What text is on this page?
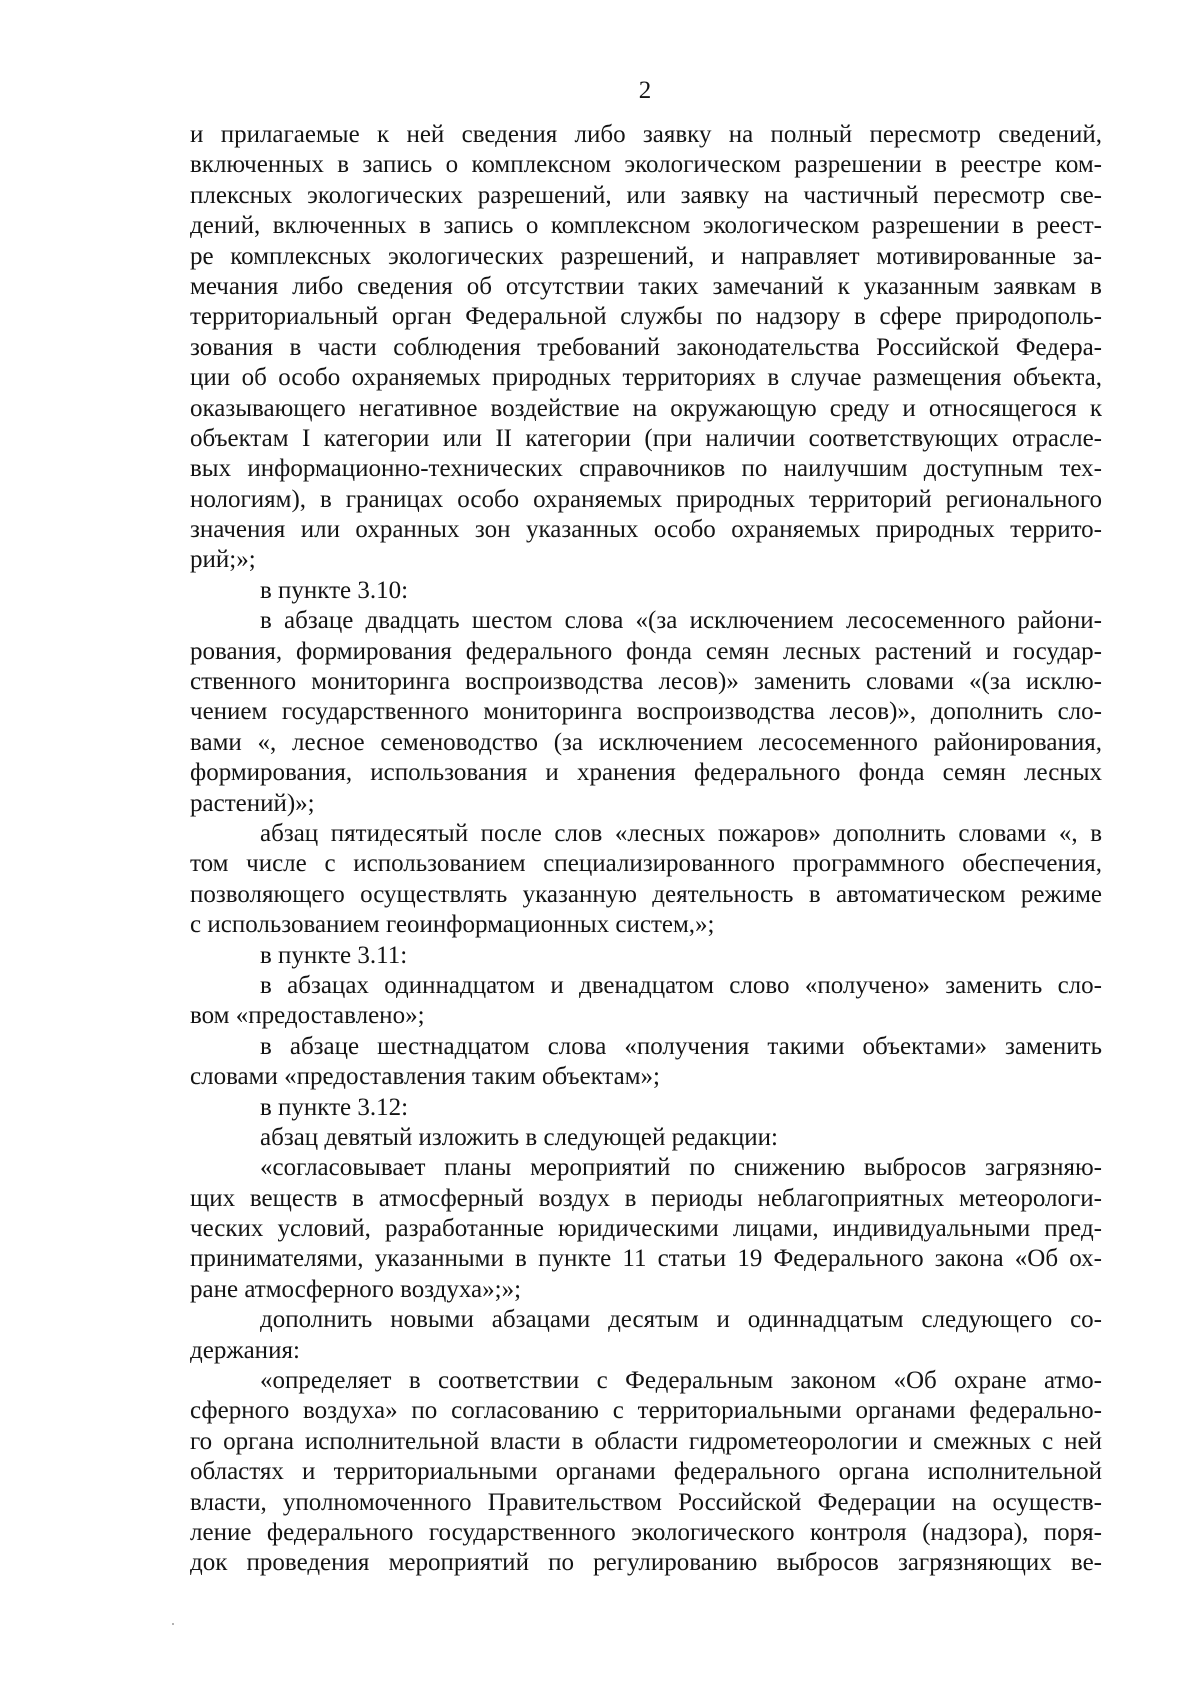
2
и прилагаемые к ней сведения либо заявку на полный пересмотр сведений,
включенных в запись о комплексном экологическом разрешении в реестре ком-
плексных экологических разрешений, или заявку на частичный пересмотр све-
дений, включенных в запись о комплексном экологическом разрешении в реест-
ре комплексных экологических разрешений, и направляет мотивированные за-
мечания либо сведения об отсутствии таких замечаний к указанным заявкам в
территориальный орган Федеральной службы по надзору в сфере природополь-
зования в части соблюдения требований законодательства Российской Федера-
ции об особо охраняемых природных территориях в случае размещения объекта,
оказывающего негативное воздействие на окружающую среду и относящегося к
объектам I категории или II категории (при наличии соответствующих отрасле-
вых информационно-технических справочников по наилучшим доступным тех-
нологиям), в границах особо охраняемых природных территорий регионального
значения или охранных зон указанных особо охраняемых природных террито-
рий;»;
в пункте 3.10:
в абзаце двадцать шестом слова «(за исключением лесосеменного райони-
рования, формирования федерального фонда семян лесных растений и государ-
ственного мониторинга воспроизводства лесов)» заменить словами «(за исклю-
чением государственного мониторинга воспроизводства лесов)», дополнить сло-
вами «, лесное семеноводство (за исключением лесосеменного районирования,
формирования, использования и хранения федерального фонда семян лесных
растений)»;
абзац пятидесятый после слов «лесных пожаров» дополнить словами «, в
том числе с использованием специализированного программного обеспечения,
позволяющего осуществлять указанную деятельность в автоматическом режиме
с использованием геоинформационных систем,»;
в пункте 3.11:
в абзацах одиннадцатом и двенадцатом слово «получено» заменить сло-
вом «предоставлено»;
в абзаце шестнадцатом слова «получения такими объектами» заменить
словами «предоставления таким объектам»;
в пункте 3.12:
абзац девятый изложить в следующей редакции:
«согласовывает планы мероприятий по снижению выбросов загрязняю-
щих веществ в атмосферный воздух в периоды неблагоприятных метеорологи-
ческих условий, разработанные юридическими лицами, индивидуальными пред-
принимателями, указанными в пункте 11 статьи 19 Федерального закона «Об ох-
ране атмосферного воздуха»;»;
дополнить новыми абзацами десятым и одиннадцатым следующего со-
держания:
«определяет в соответствии с Федеральным законом «Об охране атмо-
сферного воздуха» по согласованию с территориальными органами федерально-
го органа исполнительной власти в области гидрометеорологии и смежных с ней
областях и территориальными органами федерального органа исполнительной
власти, уполномоченного Правительством Российской Федерации на осуществ-
ление федерального государственного экологического контроля (надзора), поря-
док проведения мероприятий по регулированию выбросов загрязняющих ве-
